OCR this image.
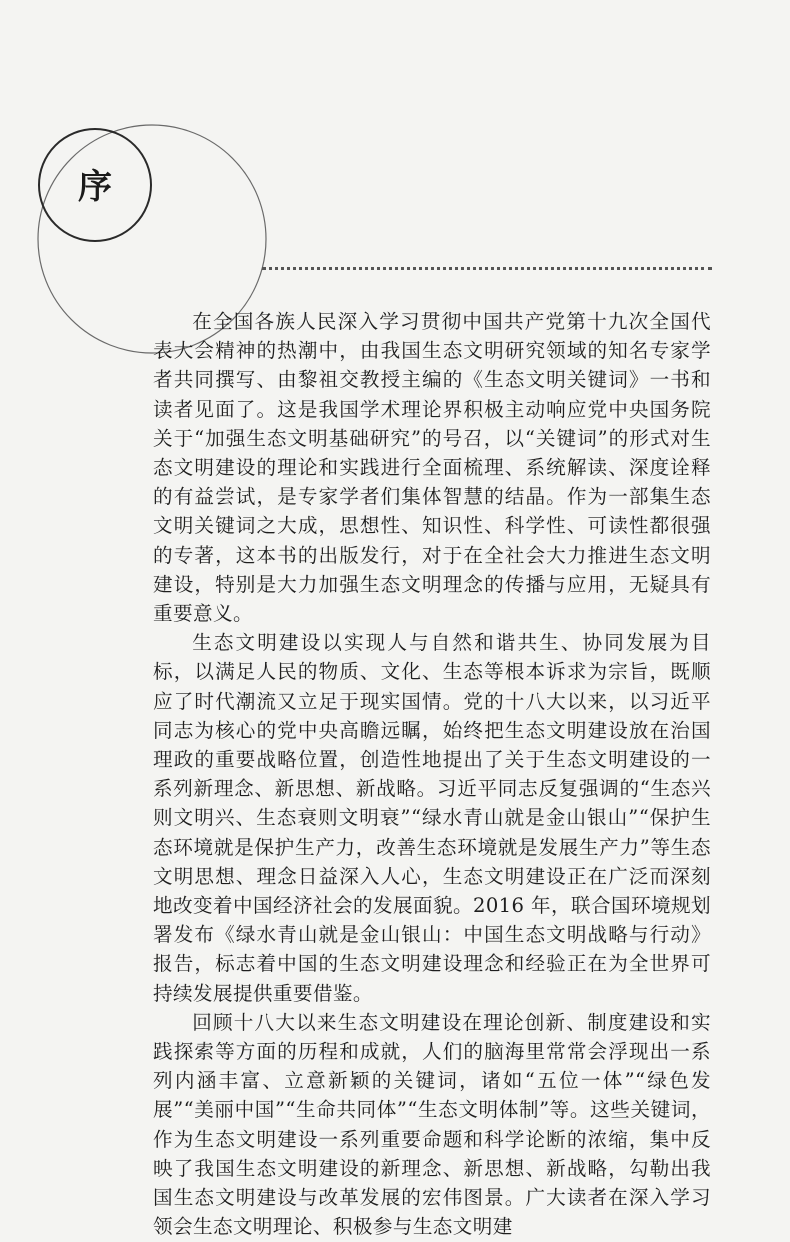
序

在全国各族人民深入学习贯彻中国共产党第十九次全国代表大会精神的热潮中，由我国生态文明研究领域的知名专家学者共同撰写、由黎祖交教授主编的《生态文明关键词》一书和读者见面了。这是我国学术理论界积极主动响应党中央国务院关于“加强生态文明基础研究”的号召，以“关键词”的形式对生态文明建设的理论和实践进行全面梳理、系统解读、深度诠释的有益尝试，是专家学者们集体智慧的结晶。作为一部集生态文明关键词之大成，思想性、知识性、科学性、可读性都很强的专著，这本书的出版发行，对于在全社会大力推进生态文明建设，特别是大力加强生态文明理念的传播与应用，无疑具有重要意义。

生态文明建设以实现人与自然和谐共生、协同发展为目标，以满足人民的物质、文化、生态等根本诉求为宗旨，既顺应了时代潮流又立足于现实国情。党的十八大以来，以习近平同志为核心的党中央高瞻远瞩，始终把生态文明建设放在治国理政的重要战略位置，创造性地提出了关于生态文明建设的一系列新理念、新思想、新战略。习近平同志反复强调的“生态兴则文明兴、生态衰则文明衰”“绿水青山就是金山银山”“保护生态环境就是保护生产力，改善生态环境就是发展生产力”等生态文明思想、理念日益深入人心，生态文明建设正在广泛而深刻地改变着中国经济社会的发展面貌。2016 年，联合国环境规划署发布《绿水青山就是金山银山：中国生态文明战略与行动》报告，标志着中国的生态文明建设理念和经验正在为全世界可持续发展提供重要借鉴。

回顾十八大以来生态文明建设在理论创新、制度建设和实践探索等方面的历程和成就，人们的脑海里常常会浮现出一系列内涵丰富、立意新颖的关键词，诸如“五位一体”“绿色发展”“美丽中国”“生命共同体”“生态文明体制”等。这些关键词，作为生态文明建设一系列重要命题和科学论断的浓缩，集中反映了我国生态文明建设的新理念、新思想、新战略，勾勒出我国生态文明建设与改革发展的宏伟图景。广大读者在深入学习领会生态文明理论、积极参与生态文明建
